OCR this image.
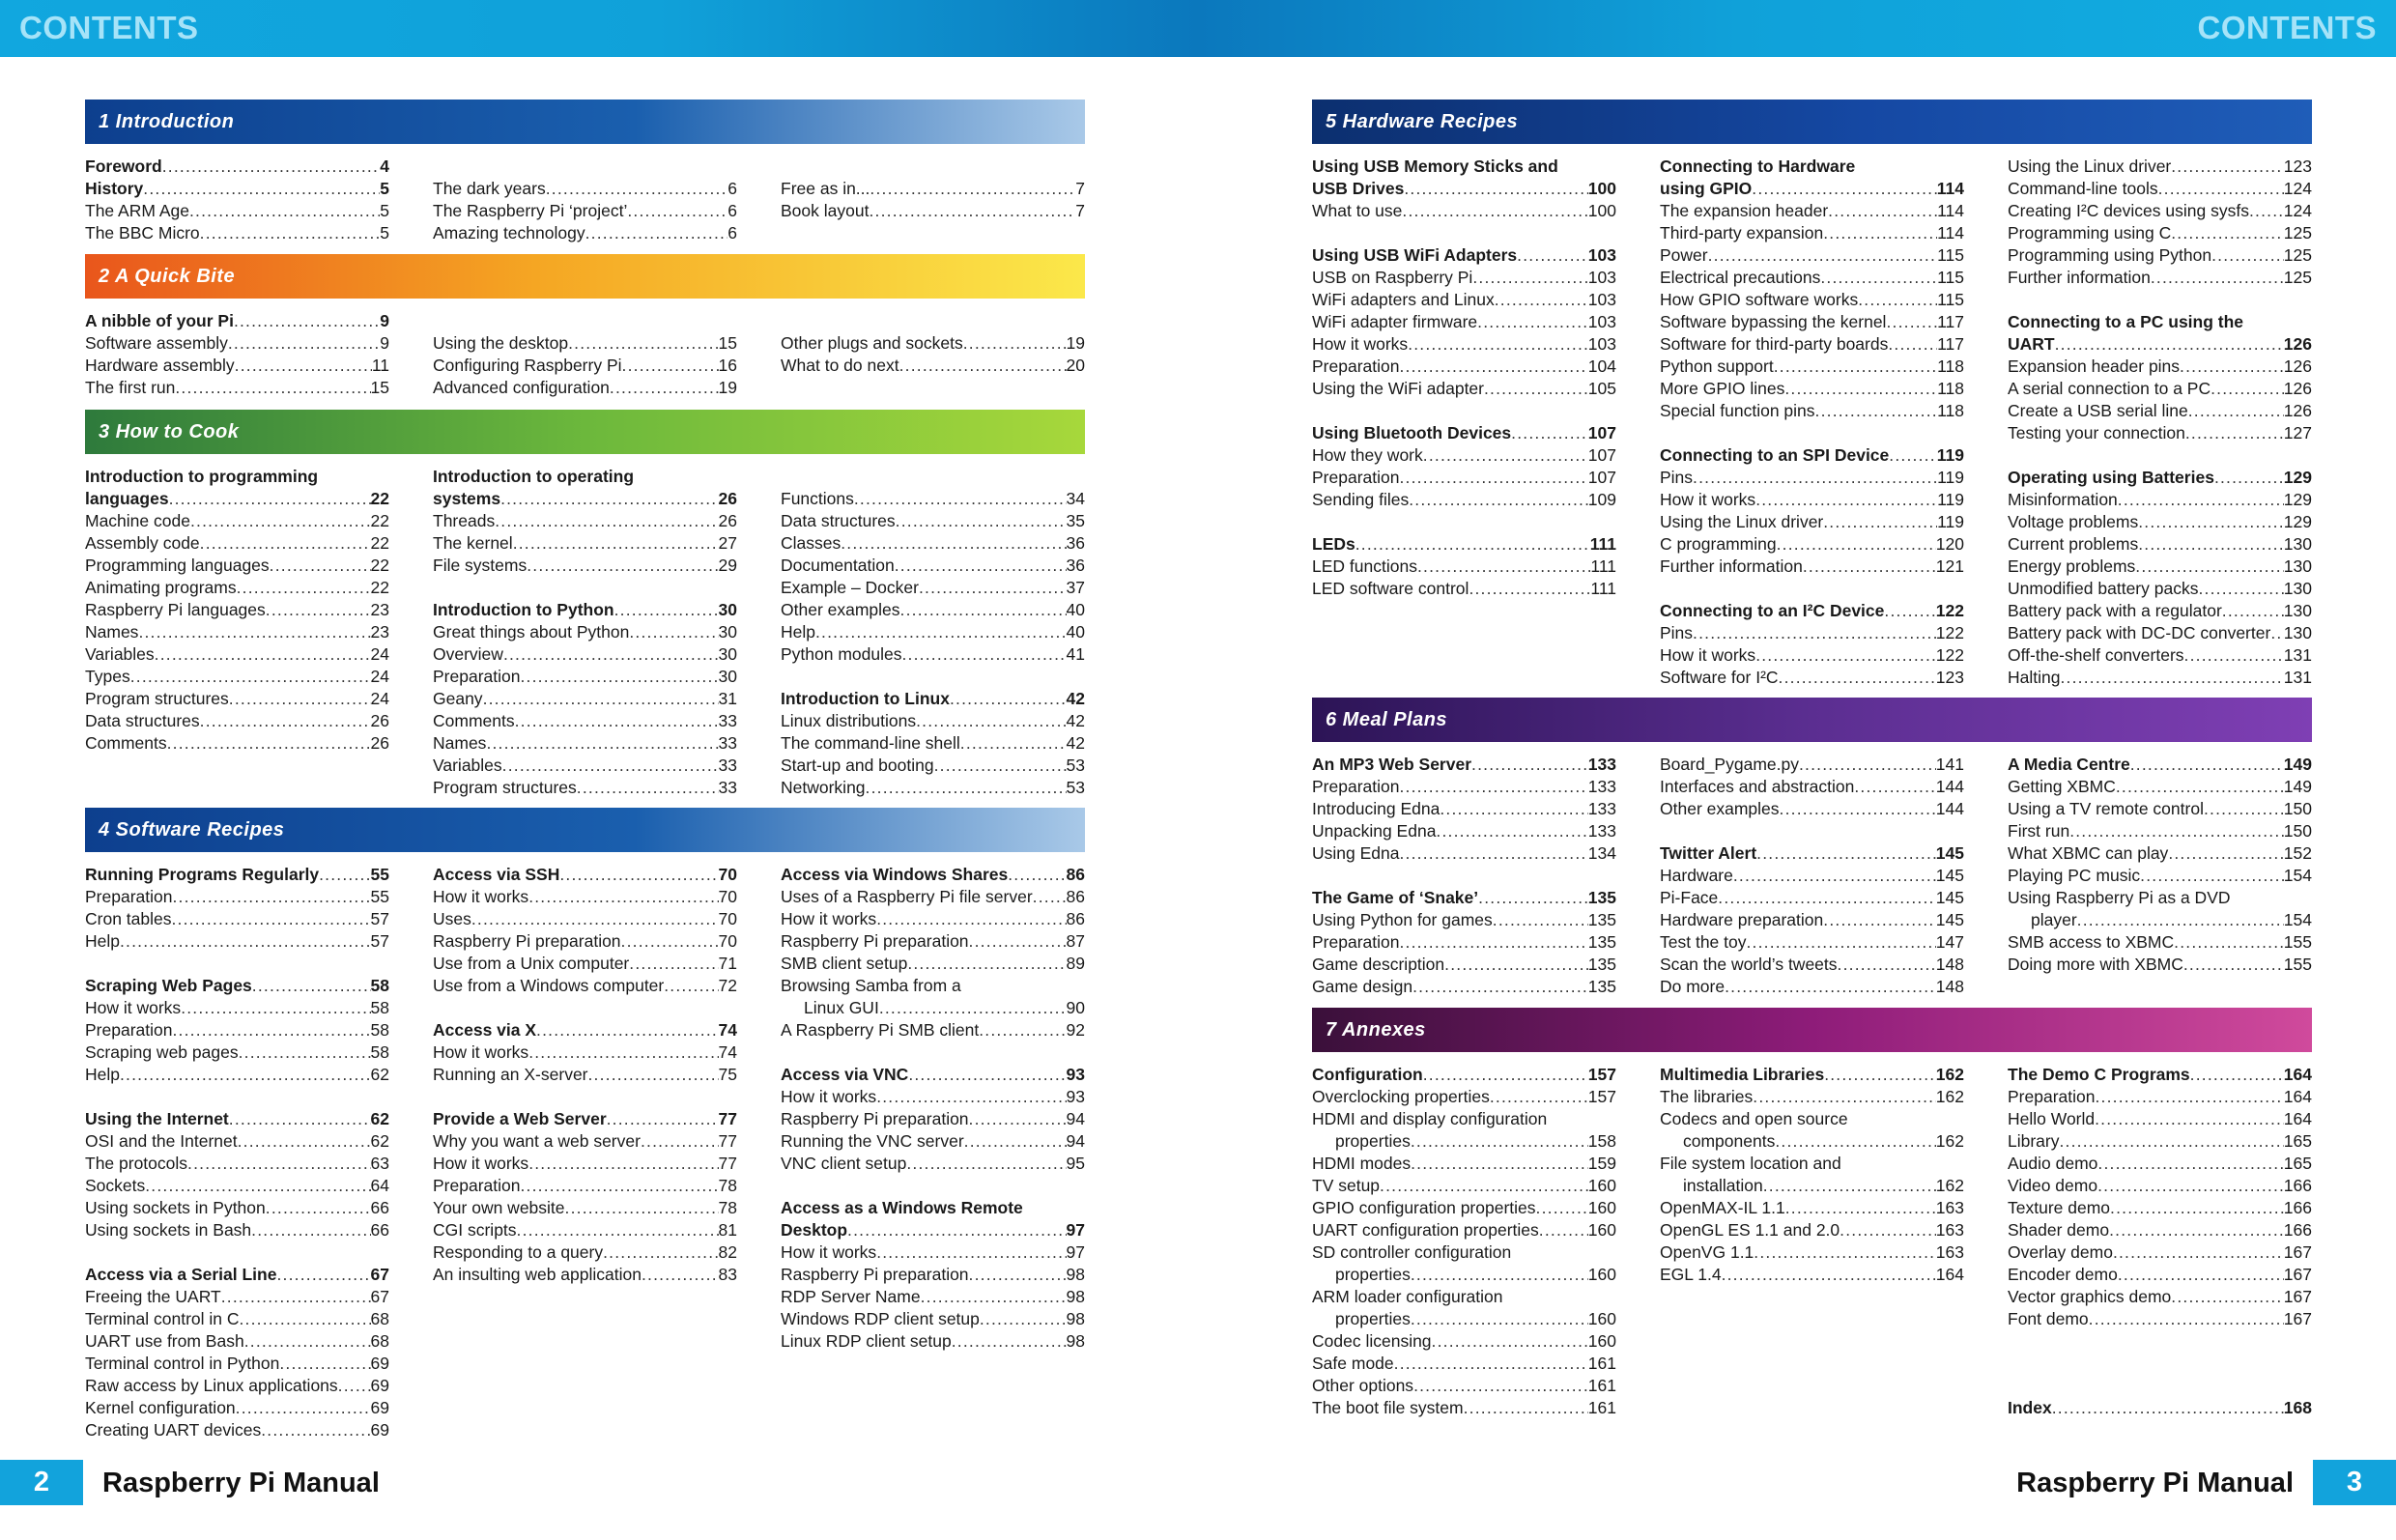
CONTENTS	CONTENTS
1 Introduction
Foreword .....	4
History .....	5
The ARM Age .....	5
The BBC Micro .....	5
The dark years .....	6
The Raspberry Pi ‘project’ .....	6
Amazing technology .....	6
Free as in... .....	7
Book layout .....	7
2 A Quick Bite
A nibble of your Pi .....	9
Software assembly .....	9
Hardware assembly .....	11
The first run .....	15
Using the desktop .....	15
Configuring Raspberry Pi .....	16
Advanced configuration .....	19
Other plugs and sockets .....	19
What to do next .....	20
3 How to Cook
Introduction to programming
languages .....	22
Machine code .....	22
Assembly code .....	22
Programming languages .....	22
Animating programs .....	22
Raspberry Pi languages .....	23
Names .....	23
Variables .....	24
Types .....	24
Program structures .....	24
Data structures .....	26
Comments .....	26
Introduction to operating
systems .....	26
Threads .....	26
The kernel .....	27
File systems .....	29
Introduction to Python .....	30
Great things about Python .....	30
Overview .....	30
Preparation .....	30
Geany .....	31
Comments .....	33
Names .....	33
Variables .....	33
Program structures .....	33
Functions .....	34
Data structures .....	35
Classes .....	36
Documentation .....	36
Example – Docker .....	37
Other examples .....	40
Help .....	40
Python modules .....	41
Introduction to Linux .....	42
Linux distributions .....	42
The command-line shell .....	42
Start-up and booting .....	53
Networking .....	53
4 Software Recipes
Running Programs Regularly .....	55
Preparation .....	55
Cron tables .....	57
Help .....	57
Scraping Web Pages .....	58
How it works .....	58
Preparation .....	58
Scraping web pages .....	58
Help .....	62
Using the Internet .....	62
OSI and the Internet .....	62
The protocols .....	63
Sockets .....	64
Using sockets in Python .....	66
Using sockets in Bash .....	66
Access via a Serial Line .....	67
Freeing the UART .....	67
Terminal control in C .....	68
UART use from Bash .....	68
Terminal control in Python .....	69
Raw access by Linux applications ..... 69
Kernel configuration .....	69
Creating UART devices .....	69
Access via SSH .....	70
How it works .....	70
Uses .....	70
Raspberry Pi preparation .....	70
Use from a Unix computer .....	71
Use from a Windows computer .....	72
Access via X .....	74
How it works .....	74
Running an X-server .....	75
Provide a Web Server .....	77
Why you want a web server .....	77
How it works .....	77
Preparation .....	78
Your own website .....	78
CGI scripts .....	81
Responding to a query .....	82
An insulting web application .....	83
Access via Windows Shares .....	86
Uses of a Raspberry Pi file server ..... 86
How it works .....	86
Raspberry Pi preparation .....	87
SMB client setup .....	89
Browsing Samba from a
Linux GUI .....	90
A Raspberry Pi SMB client .....	92
Access via VNC .....	93
How it works .....	93
Raspberry Pi preparation .....	94
Running the VNC server .....	94
VNC client setup .....	95
Access as a Windows Remote
Desktop .....	97
How it works .....	97
Raspberry Pi preparation .....	98
RDP Server Name .....	98
Windows RDP client setup .....	98
Linux RDP client setup .....	98
2	Raspberry Pi Manual
5 Hardware Recipes
Using USB Memory Sticks and
USB Drives .....	100
What to use .....	100
Using USB WiFi Adapters .....	103
USB on Raspberry Pi .....	103
WiFi adapters and Linux .....	103
WiFi adapter firmware .....	103
How it works .....	103
Preparation .....	104
Using the WiFi adapter .....	105
Using Bluetooth Devices .....	107
How they work .....	107
Preparation .....	107
Sending files .....	109
LEDs .....	111
LED functions .....	111
LED software control .....	111
Connecting to Hardware
using GPIO .....	114
The expansion header .....	114
Third-party expansion .....	114
Power .....	115
Electrical precautions .....	115
How GPIO software works .....	115
Software bypassing the kernel .....	117
Software for third-party boards .....	117
Python support .....	118
More GPIO lines .....	118
Special function pins .....	118
Connecting to an SPI Device .....	119
Pins .....	119
How it works .....	119
Using the Linux driver .....	119
C programming .....	120
Further information .....	121
Connecting to an I²C Device .....	122
Pins .....	122
How it works .....	122
Software for I²C .....	123
Using the Linux driver .....	123
Command-line tools .....	124
Creating I²C devices using sysfs ..... 124
Programming using C .....	125
Programming using Python .....	125
Further information .....	125
Connecting to a PC using the
UART .....	126
Expansion header pins .....	126
A serial connection to a PC .....	126
Create a USB serial line .....	126
Testing your connection .....	127
Operating using Batteries .....	129
Misinformation .....	129
Voltage problems .....	129
Current problems .....	130
Energy problems .....	130
Unmodified battery packs .....	130
Battery pack with a regulator .....	130
Battery pack with DC-DC converter ..... 130
Off-the-shelf converters .....	131
Halting .....	131
6 Meal Plans
An MP3 Web Server .....	133
Preparation .....	133
Introducing Edna .....	133
Unpacking Edna .....	133
Using Edna .....	134
The Game of ‘Snake’ .....	135
Using Python for games .....	135
Preparation .....	135
Game description .....	135
Game design .....	135
Board_Pygame.py .....	141
Interfaces and abstraction .....	144
Other examples .....	144
Twitter Alert .....	145
Hardware .....	145
Pi-Face .....	145
Hardware preparation .....	145
Test the toy .....	147
Scan the world’s tweets .....	148
Do more .....	148
A Media Centre .....	149
Getting XBMC .....	149
Using a TV remote control .....	150
First run .....	150
What XBMC can play .....	152
Playing PC music .....	154
Using Raspberry Pi as a DVD
player .....	154
SMB access to XBMC .....	155
Doing more with XBMC .....	155
7 Annexes
Configuration .....	157
Overclocking properties .....	157
HDMI and display configuration
properties .....	158
HDMI modes .....	159
TV setup .....	160
GPIO configuration properties .....	160
UART configuration properties .....	160
SD controller configuration
properties .....	160
ARM loader configuration
properties .....	160
Codec licensing .....	160
Safe mode .....	161
Other options .....	161
The boot file system .....	161
Multimedia Libraries .....	162
The libraries .....	162
Codecs and open source
components .....	162
File system location and
installation .....	162
OpenMAX-IL 1.1 .....	163
OpenGL ES 1.1 and 2.0 .....	163
OpenVG 1.1 .....	163
EGL 1.4 .....	164
The Demo C Programs .....	164
Preparation .....	164
Hello World .....	164
Library .....	165
Audio demo .....	165
Video demo .....	166
Texture demo .....	166
Shader demo .....	166
Overlay demo .....	167
Encoder demo .....	167
Vector graphics demo .....	167
Font demo .....	167
Index .....	168
Raspberry Pi Manual	3
